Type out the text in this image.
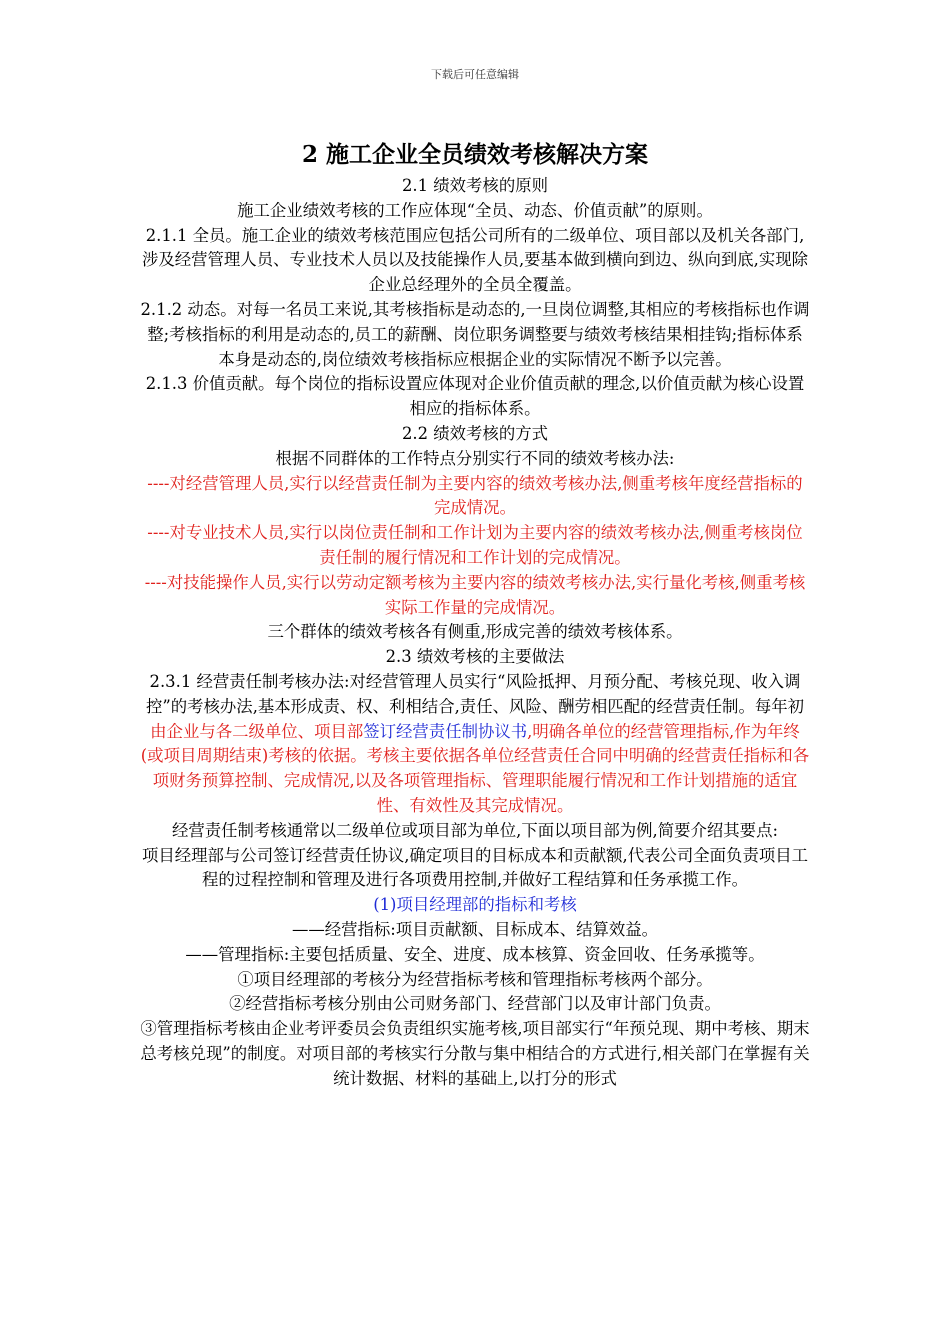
下载后可任意编辑
2 施工企业全员绩效考核解决方案

2.1 绩效考核的原则

施工企业绩效考核的工作应体现“全员、动态、价值贡献”的原则。

2.1.1 全员。施工企业的绩效考核范围应包括公司所有的二级单位、项目部以及机关各部门,涉及经营管理人员、专业技术人员以及技能操作人员,要基本做到横向到边、纵向到底,实现除企业总经理外的全员全覆盖。

2.1.2 动态。对每一名员工来说,其考核指标是动态的,一旦岗位调整,其相应的考核指标也作调整;考核指标的利用是动态的,员工的薪酬、岗位职务调整要与绩效考核结果相挂钩;指标体系本身是动态的,岗位绩效考核指标应根据企业的实际情况不断予以完善。

2.1.3 价值贡献。每个岗位的指标设置应体现对企业价值贡献的理念,以价值贡献为核心设置相应的指标体系。

2.2 绩效考核的方式

根据不同群体的工作特点分别实行不同的绩效考核办法:

----对经营管理人员,实行以经营责任制为主要内容的绩效考核办法,侧重考核年度经营指标的完成情况。

----对专业技术人员,实行以岗位责任制和工作计划为主要内容的绩效考核办法,侧重考核岗位责任制的履行情况和工作计划的完成情况。

----对技能操作人员,实行以劳动定额考核为主要内容的绩效考核办法,实行量化考核,侧重考核实际工作量的完成情况。

三个群体的绩效考核各有侧重,形成完善的绩效考核体系。

2.3 绩效考核的主要做法

2.3.1 经营责任制考核办法:对经营管理人员实行“风险抵押、月预分配、考核兑现、收入调控”的考核办法,基本形成责、权、利相结合,责任、风险、酬劳相匹配的经营责任制。每年初由企业与各二级单位、项目部签订经营责任制协议书,明确各单位的经营管理指标,作为年终(或项目周期结束)考核的依据。考核主要依据各单位经营责任合同中明确的经营责任指标和各项财务预算控制、完成情况,以及各项管理指标、管理职能履行情况和工作计划措施的适宜性、有效性及其完成情况。

经营责任制考核通常以二级单位或项目部为单位,下面以项目部为例,简要介绍其要点:

项目经理部与公司签订经营责任协议,确定项目的目标成本和贡献额,代表公司全面负责项目工程的过程控制和管理及进行各项费用控制,并做好工程结算和任务承揽工作。

(1)项目经理部的指标和考核

——经营指标:项目贡献额、目标成本、结算效益。

——管理指标:主要包括质量、安全、进度、成本核算、资金回收、任务承揽等。

①项目经理部的考核分为经营指标考核和管理指标考核两个部分。

②经营指标考核分别由公司财务部门、经营部门以及审计部门负责。

③管理指标考核由企业考评委员会负责组织实施考核,项目部实行“年预兑现、期中考核、期末总考核兑现”的制度。对项目部的考核实行分散与集中相结合的方式进行,相关部门在掌握有关统计数据、材料的基础上,以打分的形式
